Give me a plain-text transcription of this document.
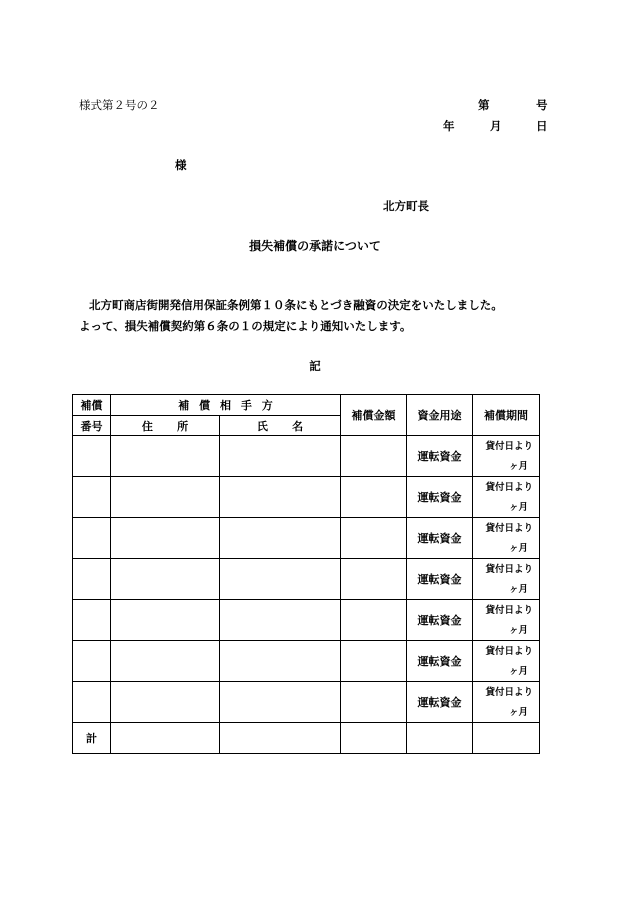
様式第２号の２	第	号
年	月	日
様
北方町長
損失補償の承諾について
北方町商店街開発信用保証条例第１０条にもとづき融資の決定をいたしました。
よって、損失補償契約第６条の１の規定により通知いたします。
記
補償	補償相手方		補償金額	資金用途	補償期間
番号	住所	氏名			
				運転資金	貸付日より
ヶ月

				運転資金	貸付日より
ヶ月

				運転資金	貸付日より
ヶ月

				運転資金	貸付日より
ヶ月

				運転資金	貸付日より
ヶ月

				運転資金	貸付日より
ヶ月

				運転資金	貸付日より
ヶ月

計					
